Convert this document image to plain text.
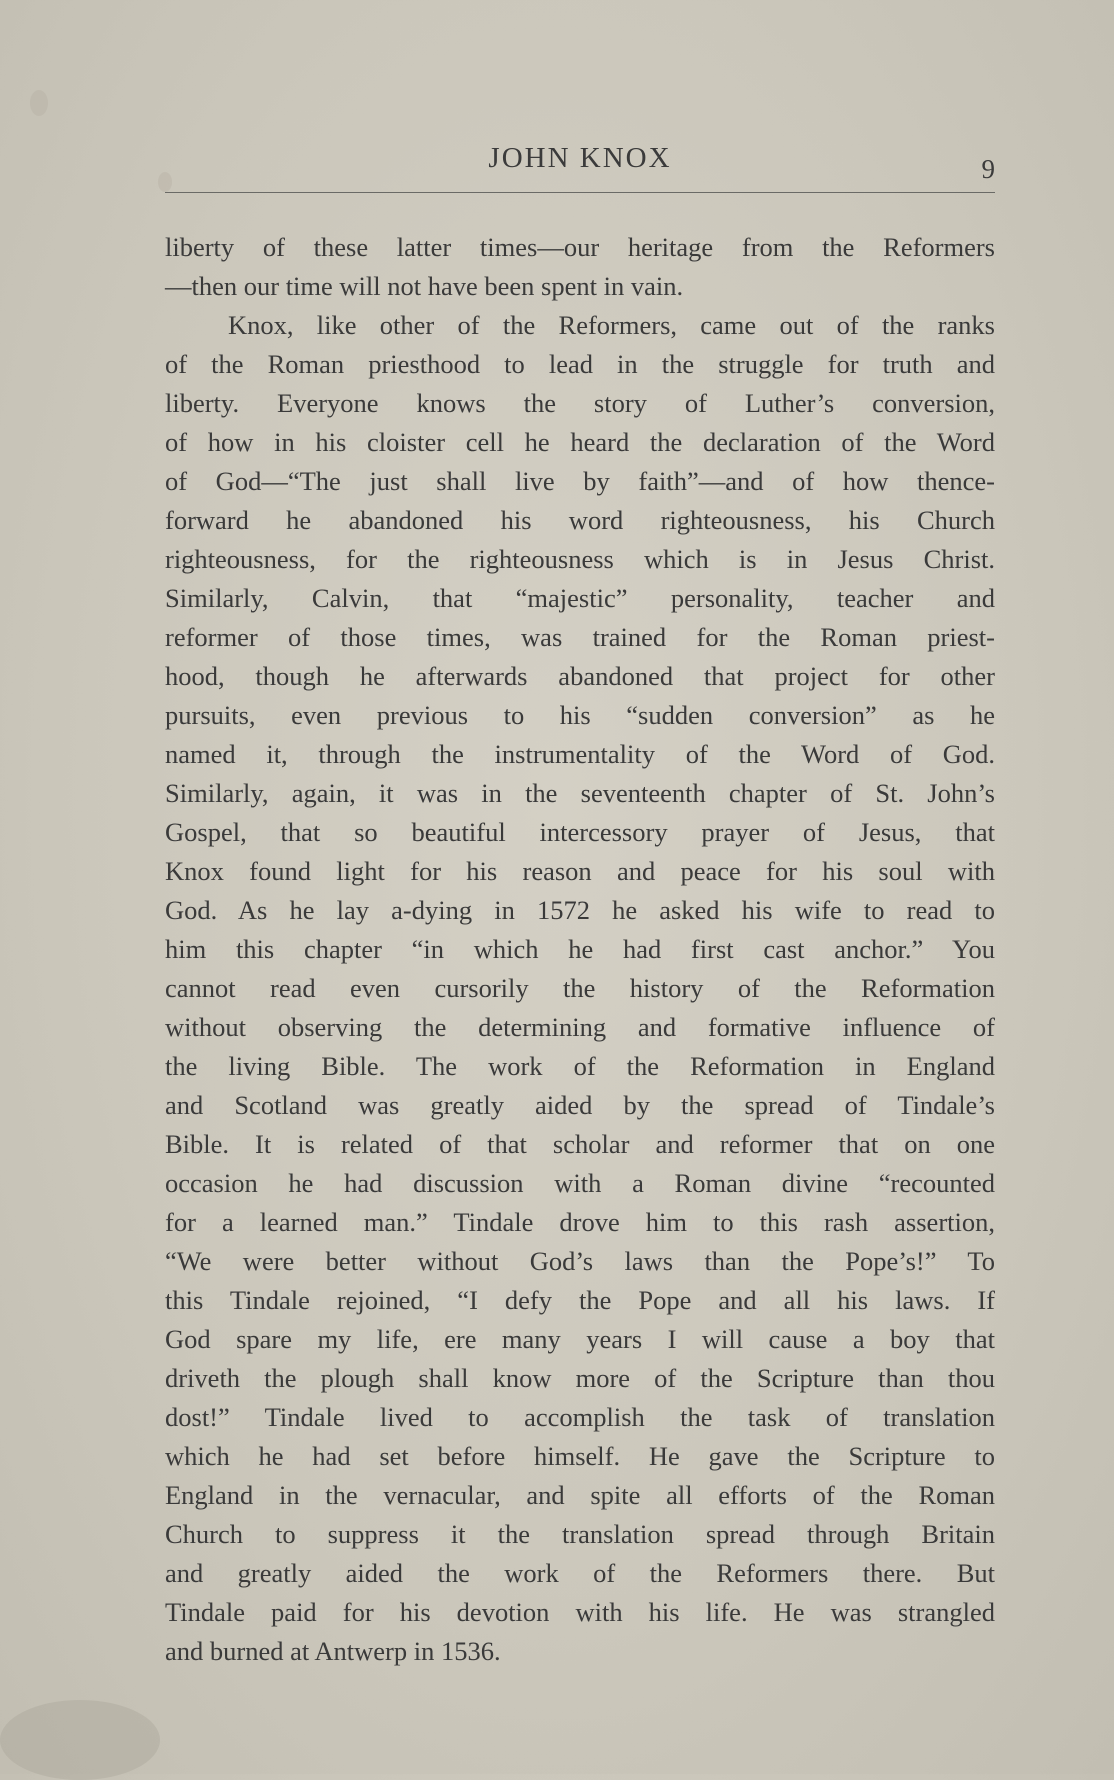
JOHN KNOX	9
liberty of these latter times—our heritage from the Reformers
—then our time will not have been spent in vain.
Knox, like other of the Reformers, came out of the ranks
of the Roman priesthood to lead in the struggle for truth and
liberty. Everyone knows the story of Luther’s conversion,
of how in his cloister cell he heard the declaration of the Word
of God—“The just shall live by faith”—and of how thence-
forward he abandoned his word righteousness, his Church
righteousness, for the righteousness which is in Jesus Christ.
Similarly, Calvin, that “majestic” personality, teacher and
reformer of those times, was trained for the Roman priest-
hood, though he afterwards abandoned that project for other
pursuits, even previous to his “sudden conversion” as he
named it, through the instrumentality of the Word of God.
Similarly, again, it was in the seventeenth chapter of St. John’s
Gospel, that so beautiful intercessory prayer of Jesus, that
Knox found light for his reason and peace for his soul with
God. As he lay a-dying in 1572 he asked his wife to read to
him this chapter “in which he had first cast anchor.” You
cannot read even cursorily the history of the Reformation
without observing the determining and formative influence of
the living Bible. The work of the Reformation in England
and Scotland was greatly aided by the spread of Tindale’s
Bible. It is related of that scholar and reformer that on one
occasion he had discussion with a Roman divine “recounted
for a learned man.” Tindale drove him to this rash assertion,
“We were better without God’s laws than the Pope’s!” To
this Tindale rejoined, “I defy the Pope and all his laws. If
God spare my life, ere many years I will cause a boy that
driveth the plough shall know more of the Scripture than thou
dost!” Tindale lived to accomplish the task of translation
which he had set before himself. He gave the Scripture to
England in the vernacular, and spite all efforts of the Roman
Church to suppress it the translation spread through Britain
and greatly aided the work of the Reformers there. But
Tindale paid for his devotion with his life. He was strangled
and burned at Antwerp in 1536.
